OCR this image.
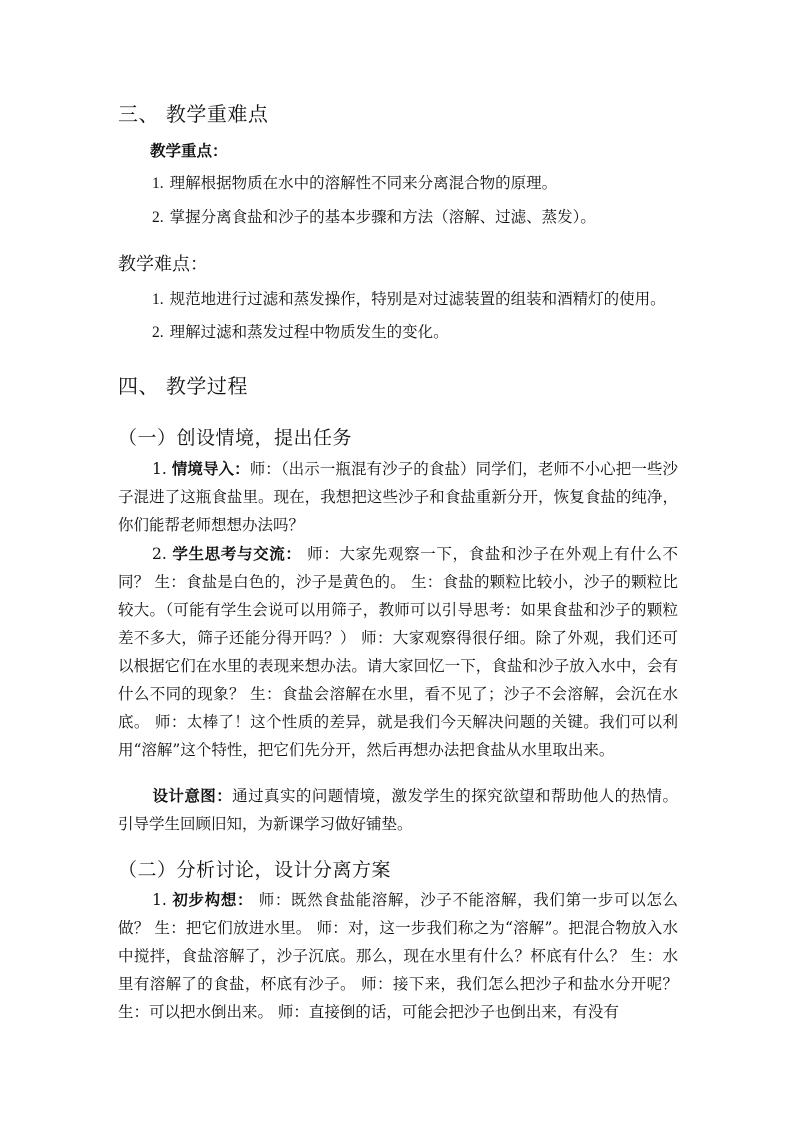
三、 教学重难点
教学重点：
1. 理解根据物质在水中的溶解性不同来分离混合物的原理。
2. 掌握分离食盐和沙子的基本步骤和方法（溶解、过滤、蒸发）。
教学难点：
1. 规范地进行过滤和蒸发操作，特别是对过滤装置的组装和酒精灯的使用。
2. 理解过滤和蒸发过程中物质发生的变化。
四、 教学过程
（一）创设情境，提出任务
1. 情境导入：师：（出示一瓶混有沙子的食盐）同学们，老师不小心把一些沙子混进了这瓶食盐里。现在，我想把这些沙子和食盐重新分开，恢复食盐的纯净，你们能帮老师想想办法吗？
2. 学生思考与交流： 师：大家先观察一下，食盐和沙子在外观上有什么不同？ 生：食盐是白色的，沙子是黄色的。 生：食盐的颗粒比较小，沙子的颗粒比较大。（可能有学生会说可以用筛子，教师可以引导思考：如果食盐和沙子的颗粒差不多大，筛子还能分得开吗？） 师：大家观察得很仔细。除了外观，我们还可以根据它们在水里的表现来想办法。请大家回忆一下，食盐和沙子放入水中，会有什么不同的现象？ 生：食盐会溶解在水里，看不见了；沙子不会溶解，会沉在水底。 师：太棒了！这个性质的差异，就是我们今天解决问题的关键。我们可以利用“溶解”这个特性，把它们先分开，然后再想办法把食盐从水里取出来。
设计意图：通过真实的问题情境，激发学生的探究欲望和帮助他人的热情。引导学生回顾旧知，为新课学习做好铺垫。
（二）分析讨论，设计分离方案
1. 初步构想： 师：既然食盐能溶解，沙子不能溶解，我们第一步可以怎么做？ 生：把它们放进水里。 师：对，这一步我们称之为“溶解”。把混合物放入水中搅拌，食盐溶解了，沙子沉底。那么，现在水里有什么？杯底有什么？ 生：水里有溶解了的食盐，杯底有沙子。 师：接下来，我们怎么把沙子和盐水分开呢？ 生：可以把水倒出来。 师：直接倒的话，可能会把沙子也倒出来，有没有
